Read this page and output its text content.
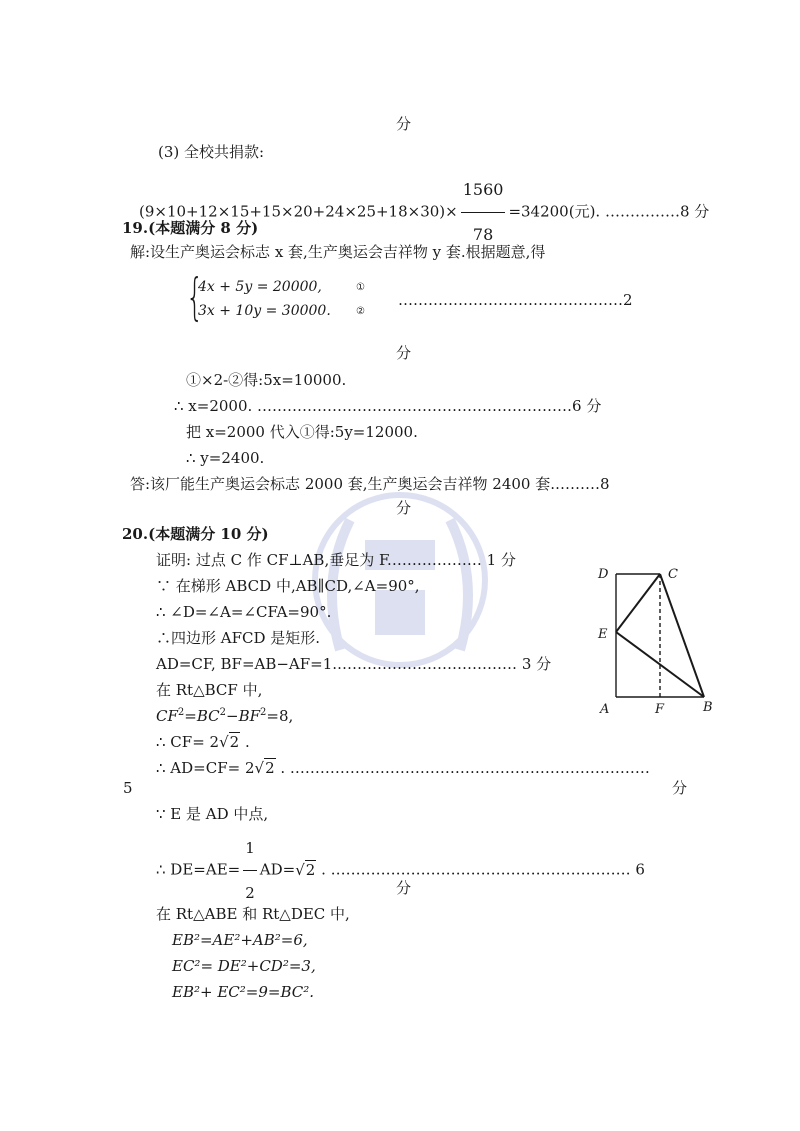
分
(3) 全校共捐款:
$(9\times 10+12\times 15+15\times 20+24\times 25+18\times 30)\times \frac{1560}{78} =34200$(元). ……………8 分
19.(本题满分 8 分)
解:设生产奥运会标志 x 套,生产奥运会吉祥物 y 套.根据题意,得
{
4x + 5y = 20000,
3x + 10y = 30000.
①
②
………………………………………2
分
①×2-②得:5x=10000.
∴ x=2000. ………………………………………………………6 分
把 x=2000 代入①得:5y=12000.
∴ y=2400.
答:该厂能生产奥运会标志 2000 套,生产奥运会吉祥物 2400 套.………8
分
20.(本题满分 10 分)
证明: 过点 C 作 CF⊥AB,垂足为 F.……………… 1 分
∵ 在梯形 ABCD 中,AB∥CD,∠A=90°,
∴ ∠D=∠A=∠CFA=90°.
∴四边形 AFCD 是矩形.
AD=CF, BF=AB−AF=1.……………………………… 3 分
在 Rt△BCF 中,
$CF^2=BC^2-BF^2=8$,
∴ CF= 2√2 .
∴ AD=CF= 2√2 . ………………………………………………………………
5	分
∵ E 是 AD 中点,
∴ $DE=AE= \frac{1}{2} AD=√2$ . …………………………………………………… 6
分
在 Rt△ABE 和 Rt△DEC 中,
EB²=AE²+AB²=6,
EC²= DE²+CD²=3,
EB²+ EC²=9=BC².
D	C
E
A	F	B
